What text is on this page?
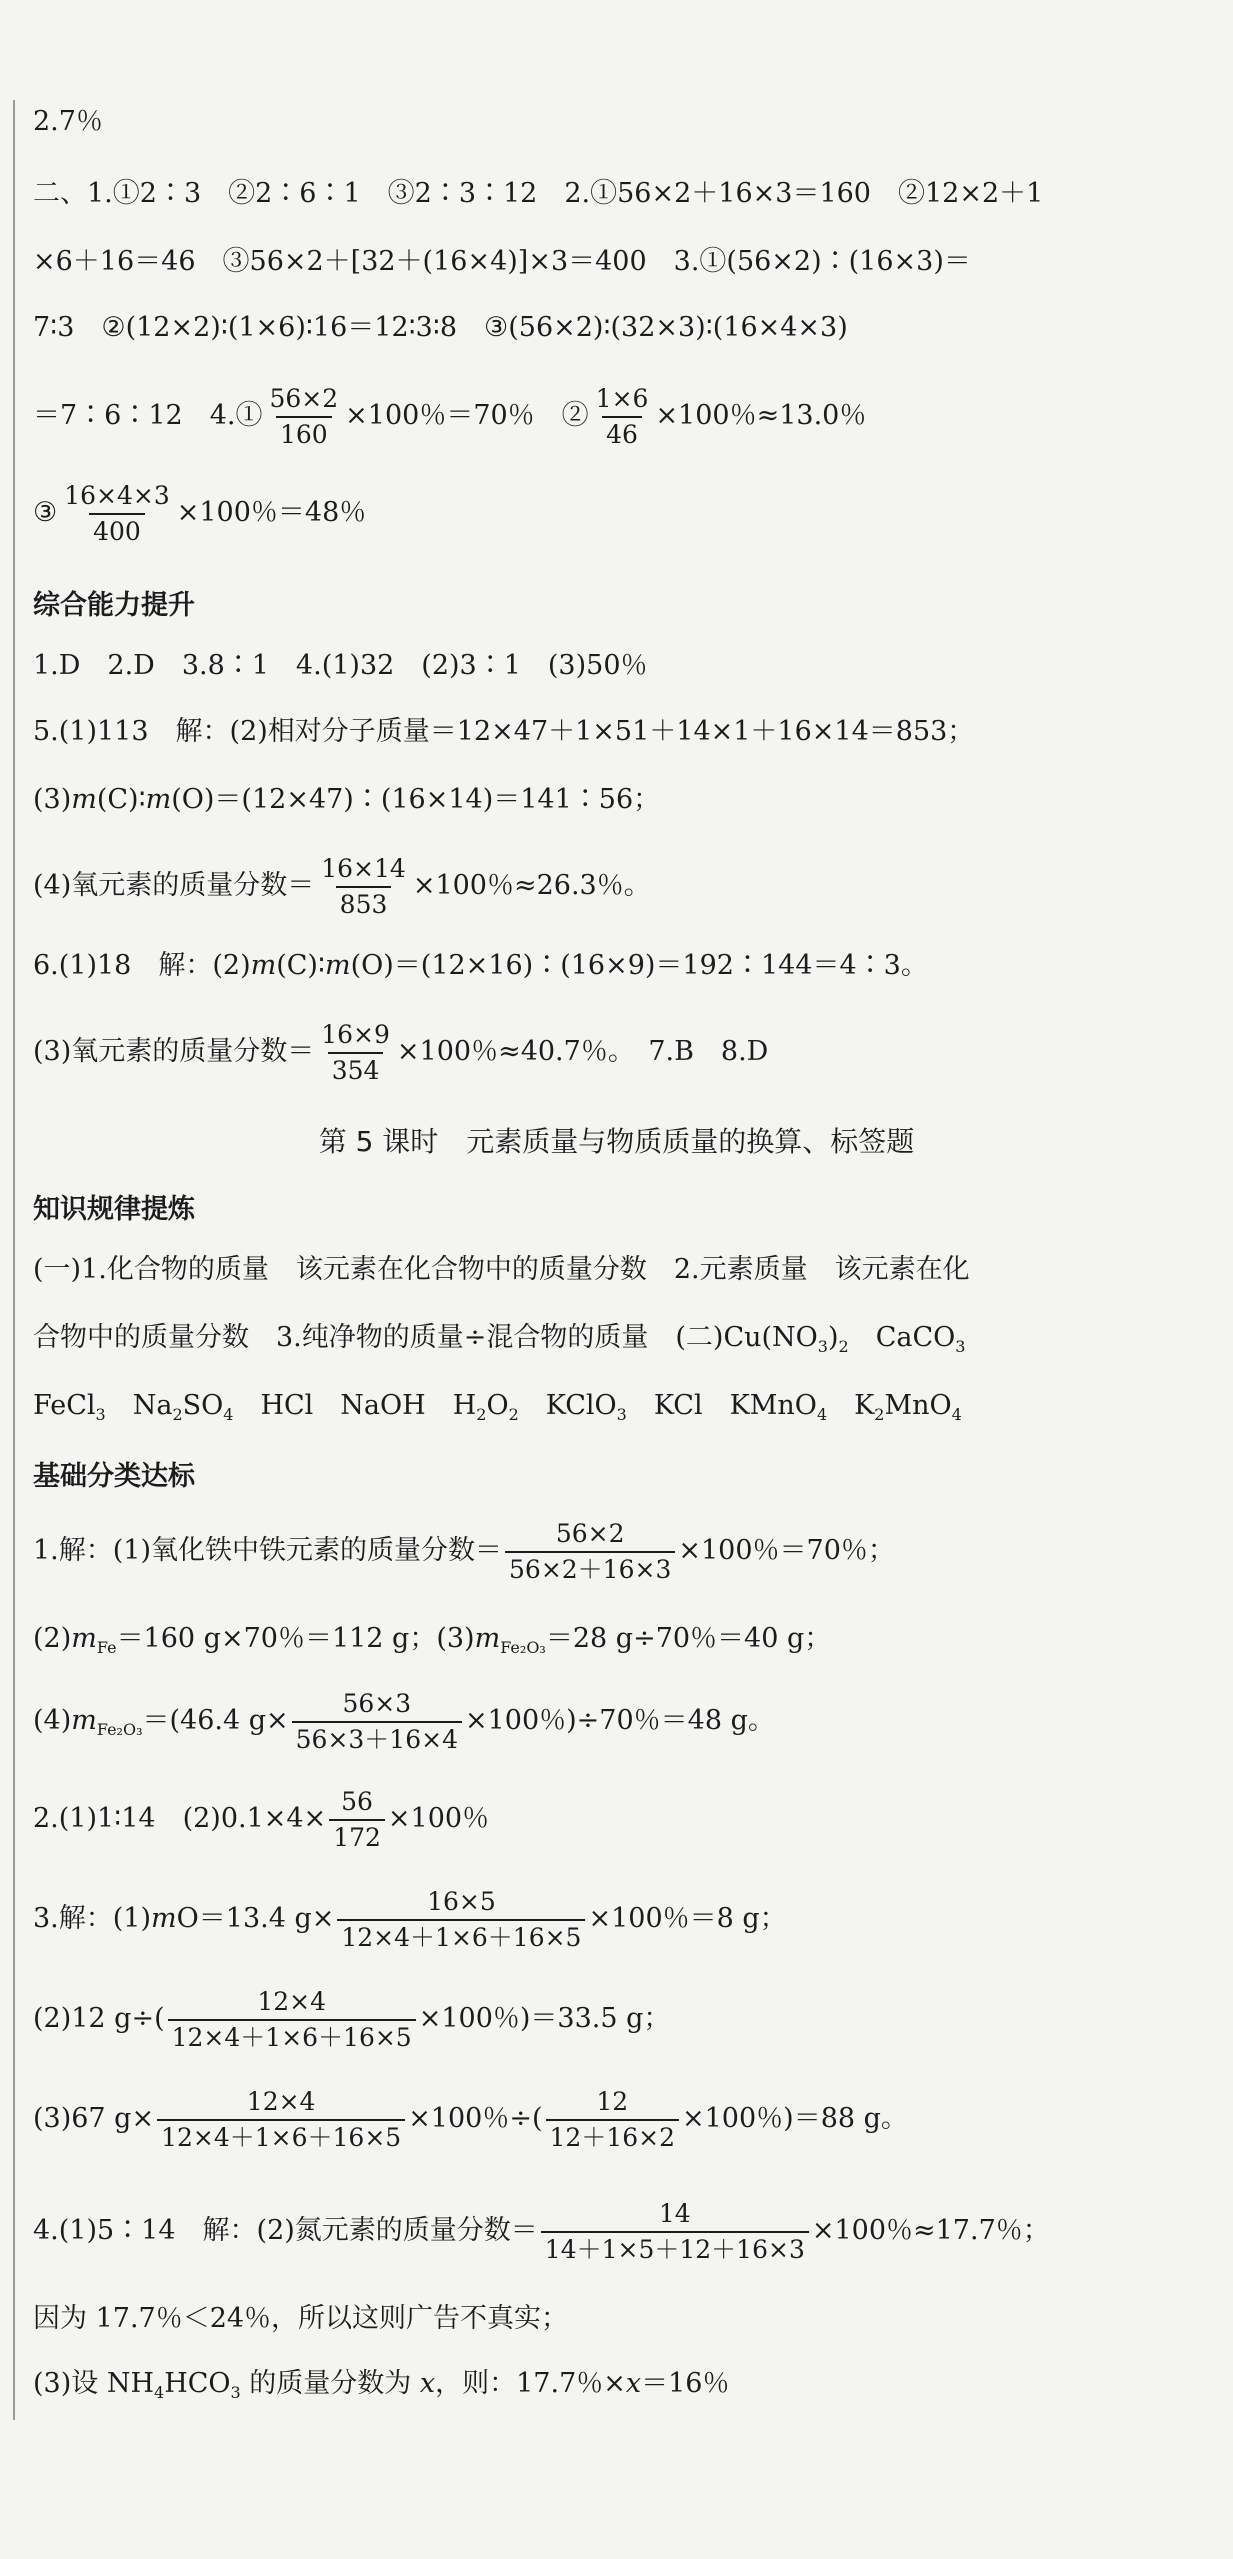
2.7％
二、1.①2∶3　②2∶6∶1　③2∶3∶12　2.①56×2＋16×3＝160　②12×2＋1
×6＋16＝46　③56×2＋[32＋(16×4)]×3＝400　3.①(56×2)∶(16×3)＝
7∶3　②(12×2)∶(1×6)∶16＝12∶3∶8　③(56×2)∶(32×3)∶(16×4×3)
＝7∶6∶12　4.① $\frac{56\times 2}{160} \times 100$％＝70％　② $\frac{1\times 6}{46} \times 100$％≈13.0％
③ $\frac{16\times 4\times 3}{400} \times 100$％＝48％
综合能力提升
1.D　2.D　3.8∶1　4.(1)32　(2)3∶1　(3)50％
5.(1)113　解：(2)相对分子质量＝12×47＋1×51＋14×1＋16×14＝853；
(3)m(C)∶m(O)＝(12×47)∶(16×14)＝141∶56；
(4)氧元素的质量分数＝ $\frac{16\times 14}{853} \times 100$％≈26.3％。
6.(1)18　解：(2)m(C)∶m(O)＝(12×16)∶(16×9)＝192∶144＝4∶3。
(3)氧元素的质量分数＝ $\frac{16\times 9}{354} \times 100$％≈40.7％。　7.B　8.D
第 5 课时　元素质量与物质质量的换算、标签题
知识规律提炼
(一)1.化合物的质量　该元素在化合物中的质量分数　2.元素质量　该元素在化
合物中的质量分数　3.纯净物的质量÷混合物的质量　(二)$Cu(NO_3)_2$　CaCO$_3$
FeCl$_3$　$Na_2SO_4$　HCl　NaOH　$H_2O_2$　KClO$_3$　KCl　KMnO$_4$　$K_2MnO_4$
基础分类达标
1.解：(1)氧化铁中铁元素的质量分数＝ $\frac{56\times 2}{56\times 2+16\times 3} \times 100$％＝70％；
$(2)m_{Fe}=160$ g×70％＝112 g；$(3)m_{Fe_2O_3}=28$ g÷70％＝40 g；
$(4)m_{Fe_2O_3}=(46.4$ $g\times \frac{56\times 3}{56\times 3+16\times 4} \times 100$％)÷70％＝48 g。
2.(1)1∶14　$(2)0.1\times 4\times \frac{56}{172} \times 100$％
3.解：(1)mO＝13.4 $g\times \frac{16\times 5}{12\times 4+1\times 6+16\times 5} \times 100$％＝8 g；
(2)12 $g\div( \frac{12\times 4}{12\times 4+1\times 6+16\times 5} \times 100$％)＝33.5 g；
(3)67 $g\times \frac{12\times 4}{12\times 4+1\times 6+16\times 5} \times 100$％÷( $\frac{12}{12+16\times 2} \times 100$％)＝88 g。
4.(1)5∶14　解：(2)氮元素的质量分数＝ $\frac{14}{14+1\times 5+12+16\times 3} \times 100$％≈17.7％；
因为 17.7％＜24％，所以这则广告不真实；
(3)设 $NH_4HCO_3$ 的质量分数为 x，则：17.7％×x＝16％
